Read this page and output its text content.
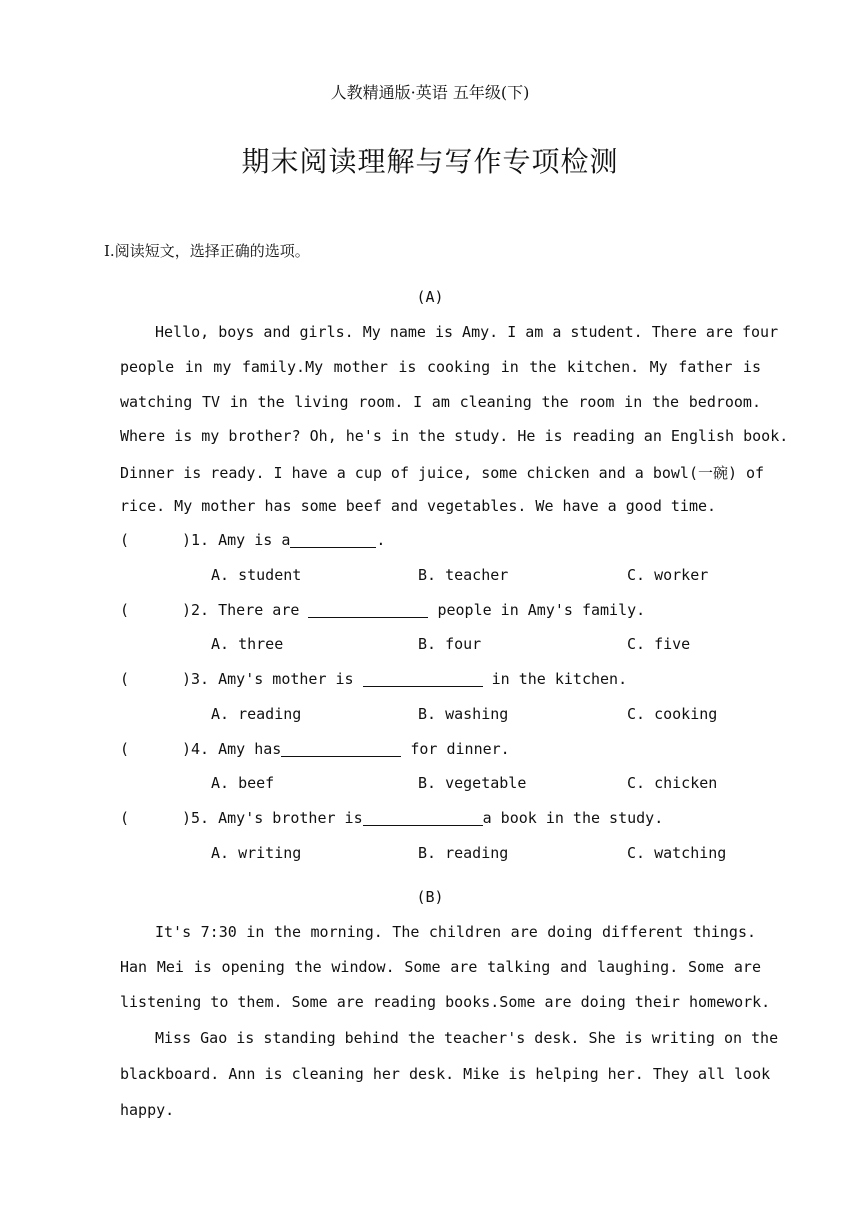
人教精通版·英语 五年级(下)
期末阅读理解与写作专项检测
Ⅰ.阅读短文，选择正确的选项。
(A)
Hello, boys and girls. My name is Amy. I am a student. There are four
people in my family.My mother is cooking in the kitchen. My father is
watching TV in the living room. I am cleaning the room in the bedroom.
Where is my brother? Oh, he's in the study. He is reading an English book.
Dinner is ready. I have a cup of juice, some chicken and a bowl(一碗) of
rice. My mother has some beef and vegetables. We have a good time.
(	)1. Amy is a	.
A. student	B. teacher	C. worker
(	)2. There are	people in Amy's family.
A. three	B. four	C. five
(	)3. Amy's mother is	in the kitchen.
A. reading	B. washing	C. cooking
(	)4. Amy has	for dinner.
A. beef	B. vegetable	C. chicken
(	)5. Amy's brother is	a book in the study.
A. writing	B. reading	C. watching
(B)
It's 7:30 in the morning. The children are doing different things.
Han Mei is opening the window. Some are talking and laughing. Some are
listening to them. Some are reading books.Some are doing their homework.
Miss Gao is standing behind the teacher's desk. She is writing on the
blackboard. Ann is cleaning her desk. Mike is helping her. They all look
happy.
